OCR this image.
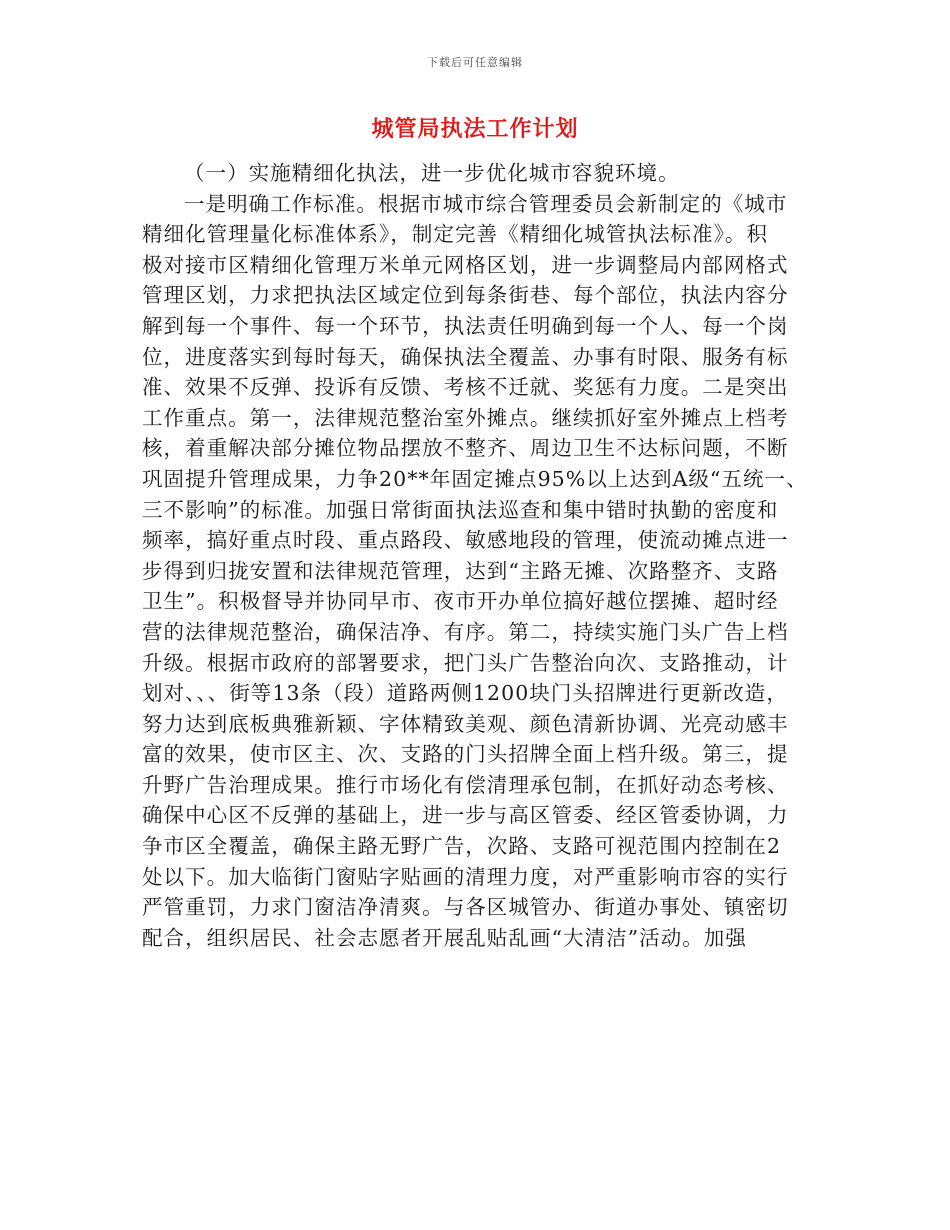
下载后可任意编辑
城管局执法工作计划
（一）实施精细化执法，进一步优化城市容貌环境。
一是明确工作标准。根据市城市综合管理委员会新制定的《城市
精细化管理量化标准体系》，制定完善《精细化城管执法标准》。积
极对接市区精细化管理万米单元网格区划，进一步调整局内部网格式
管理区划，力求把执法区域定位到每条街巷、每个部位，执法内容分
解到每一个事件、每一个环节，执法责任明确到每一个人、每一个岗
位，进度落实到每时每天，确保执法全覆盖、办事有时限、服务有标
准、效果不反弹、投诉有反馈、考核不迁就、奖惩有力度。二是突出
工作重点。第一，法律规范整治室外摊点。继续抓好室外摊点上档考
核，着重解决部分摊位物品摆放不整齐、周边卫生不达标问题，不断
巩固提升管理成果，力争20**年固定摊点95%以上达到A级“五统一、
三不影响”的标准。加强日常街面执法巡查和集中错时执勤的密度和
频率，搞好重点时段、重点路段、敏感地段的管理，使流动摊点进一
步得到归拢安置和法律规范管理，达到“主路无摊、次路整齐、支路
卫生”。积极督导并协同早市、夜市开办单位搞好越位摆摊、超时经
营的法律规范整治，确保洁净、有序。第二，持续实施门头广告上档
升级。根据市政府的部署要求，把门头广告整治向次、支路推动，计
划对、、、街等13条（段）道路两侧1200块门头招牌进行更新改造，
努力达到底板典雅新颖、字体精致美观、颜色清新协调、光亮动感丰
富的效果，使市区主、次、支路的门头招牌全面上档升级。第三，提
升野广告治理成果。推行市场化有偿清理承包制，在抓好动态考核、
确保中心区不反弹的基础上，进一步与高区管委、经区管委协调，力
争市区全覆盖，确保主路无野广告，次路、支路可视范围内控制在2
处以下。加大临街门窗贴字贴画的清理力度，对严重影响市容的实行
严管重罚，力求门窗洁净清爽。与各区城管办、街道办事处、镇密切
配合，组织居民、社会志愿者开展乱贴乱画“大清洁”活动。加强
